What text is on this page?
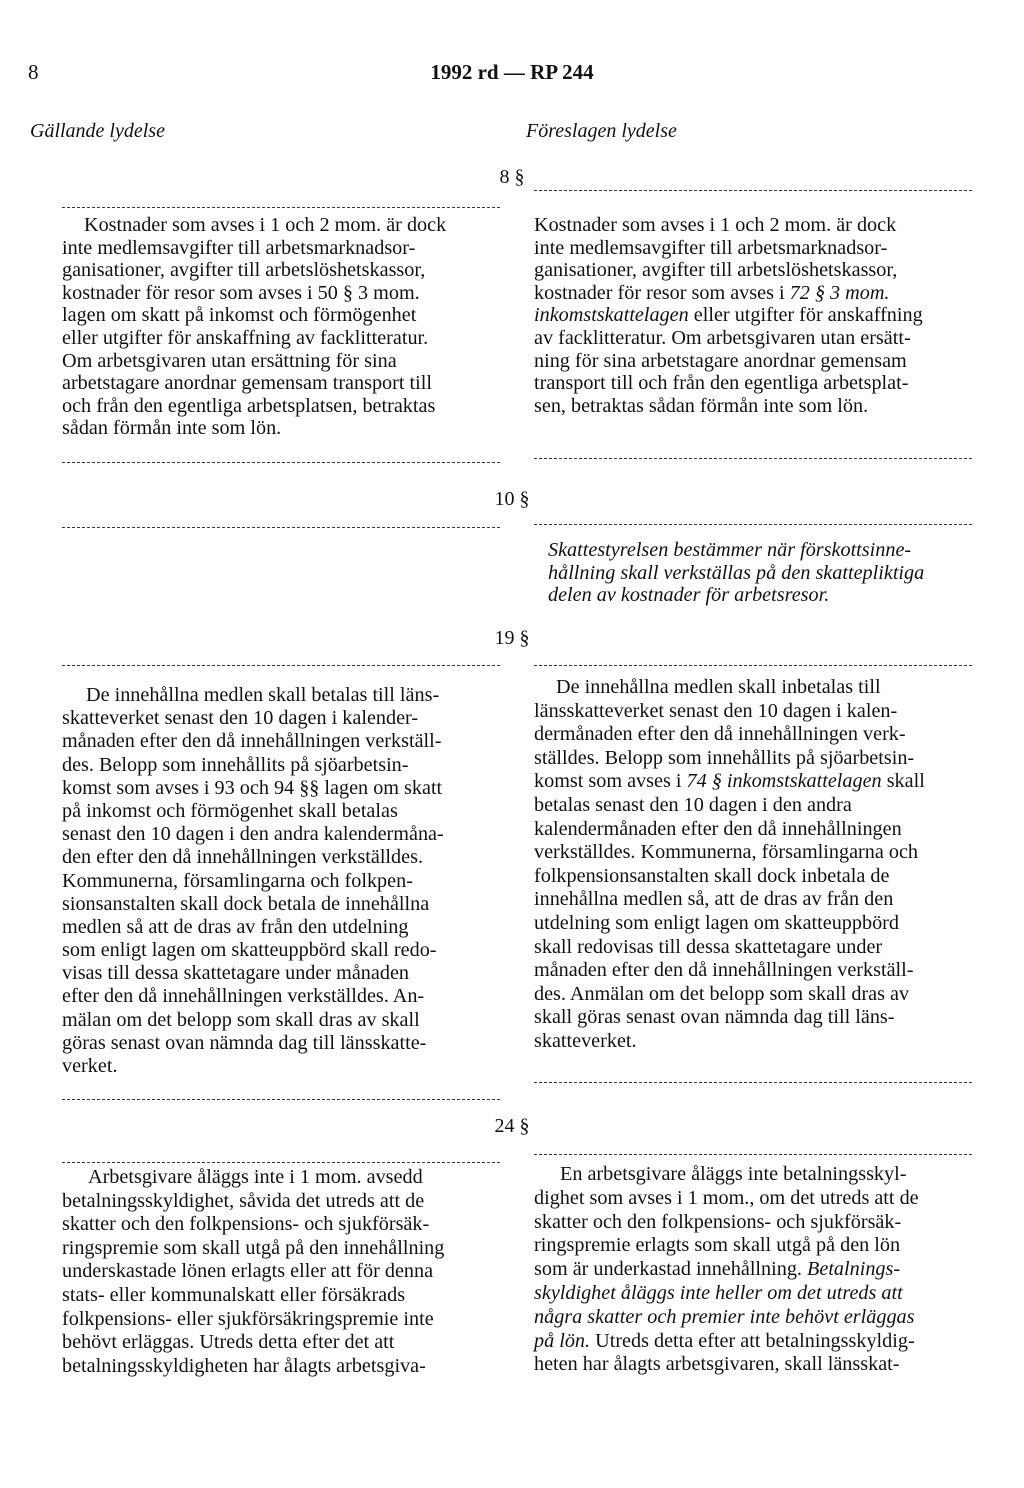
8	1992 rd — RP 244
Gällande lydelse	Föreslagen lydelse
8 §
Kostnader som avses i 1 och 2 mom. är dock
inte medlemsavgifter till arbetsmarknadsor-
ganisationer, avgifter till arbetslöshetskassor,
kostnader för resor som avses i 50 § 3 mom.
lagen om skatt på inkomst och förmögenhet
eller utgifter för anskaffning av facklitteratur.
Om arbetsgivaren utan ersättning för sina
arbetstagare anordnar gemensam transport till
och från den egentliga arbetsplatsen, betraktas
sådan förmån inte som lön.
Kostnader som avses i 1 och 2 mom. är dock
inte medlemsavgifter till arbetsmarknadsor-
ganisationer, avgifter till arbetslöshetskassor,
kostnader för resor som avses i 72 § 3 mom.
inkomstskattelagen eller utgifter för anskaffning
av facklitteratur. Om arbetsgivaren utan ersätt-
ning för sina arbetstagare anordnar gemensam
transport till och från den egentliga arbetsplat-
sen, betraktas sådan förmån inte som lön.
10 §
Skattestyrelsen bestämmer när förskottsinne-
hållning skall verkställas på den skattepliktiga
delen av kostnader för arbetsresor.
19 §
De innehållna medlen skall betalas till läns-
skatteverket senast den 10 dagen i kalender-
månaden efter den då innehållningen verkställ-
des. Belopp som innehållits på sjöarbetsin-
komst som avses i 93 och 94 §§ lagen om skatt
på inkomst och förmögenhet skall betalas
senast den 10 dagen i den andra kalendermåna-
den efter den då innehållningen verkställdes.
Kommunerna, församlingarna och folkpen-
sionsanstalten skall dock betala de innehållna
medlen så att de dras av från den utdelning
som enligt lagen om skatteuppbörd skall redo-
visas till dessa skattetagare under månaden
efter den då innehållningen verkställdes. An-
mälan om det belopp som skall dras av skall
göras senast ovan nämnda dag till länsskatte-
verket.
De innehållna medlen skall inbetalas till
länsskatteverket senast den 10 dagen i kalen-
dermånaden efter den då innehållningen verk-
ställdes. Belopp som innehållits på sjöarbetsin-
komst som avses i 74 § inkomstskattelagen skall
betalas senast den 10 dagen i den andra
kalendermånaden efter den då innehållningen
verkställdes. Kommunerna, församlingarna och
folkpensionsanstalten skall dock inbetala de
innehållna medlen så, att de dras av från den
utdelning som enligt lagen om skatteuppbörd
skall redovisas till dessa skattetagare under
månaden efter den då innehållningen verkställ-
des. Anmälan om det belopp som skall dras av
skall göras senast ovan nämnda dag till läns-
skatteverket.
24 §
Arbetsgivare åläggs inte i 1 mom. avsedd
betalningsskyldighet, såvida det utreds att de
skatter och den folkpensions- och sjukförsäk-
ringspremie som skall utgå på den innehållning
underskastade lönen erlagts eller att för denna
stats- eller kommunalskatt eller försäkrads
folkpensions- eller sjukförsäkringspremie inte
behövt erläggas. Utreds detta efter det att
betalningsskyldigheten har ålagts arbetsgiva-
En arbetsgivare åläggs inte betalningsskyl-
dighet som avses i 1 mom., om det utreds att de
skatter och den folkpensions- och sjukförsäk-
ringspremie erlagts som skall utgå på den lön
som är underkastad innehållning. Betalnings-
skyldighet åläggs inte heller om det utreds att
några skatter och premier inte behövt erläggas
på lön. Utreds detta efter att betalningsskyldig-
heten har ålagts arbetsgivaren, skall länsskat-
